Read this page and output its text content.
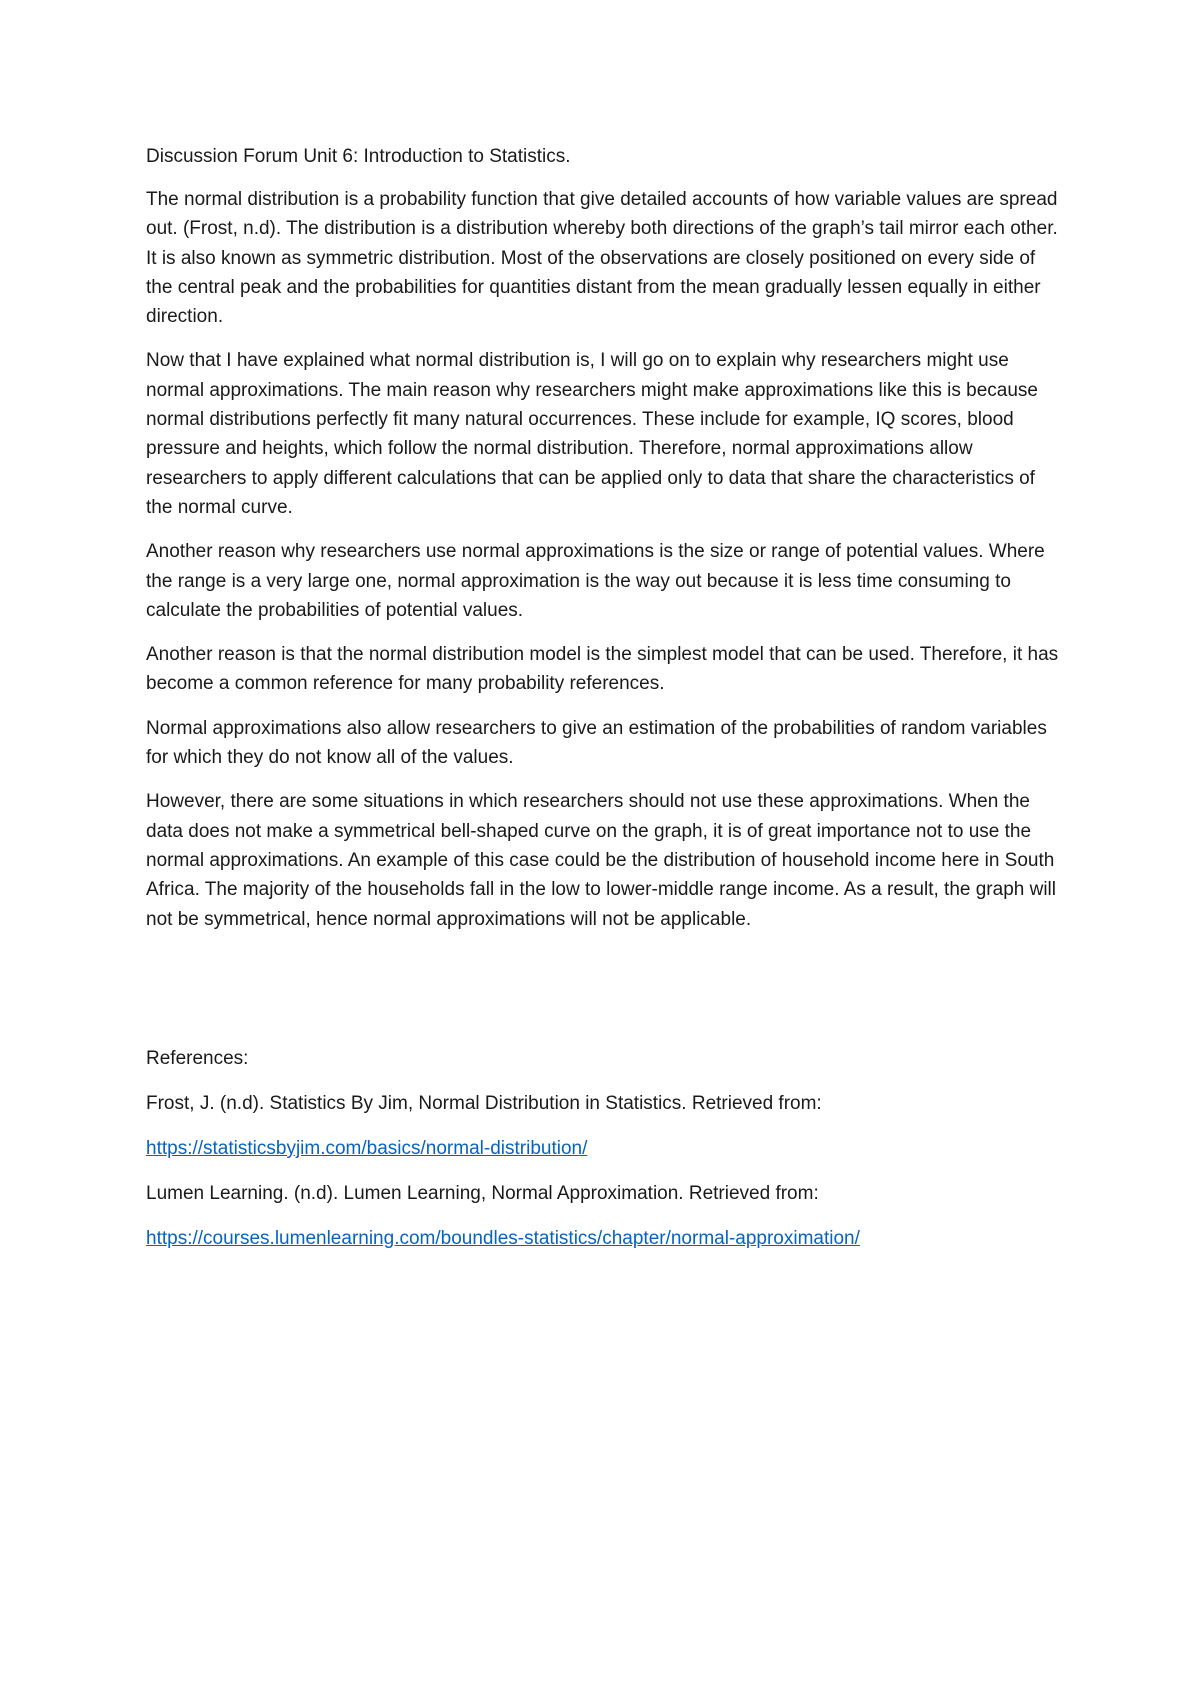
Discussion Forum Unit 6: Introduction to Statistics.

The normal distribution is a probability function that give detailed accounts of how variable values are spread out. (Frost, n.d). The distribution is a distribution whereby both directions of the graph’s tail mirror each other. It is also known as symmetric distribution. Most of the observations are closely positioned on every side of the central peak and the probabilities for quantities distant from the mean gradually lessen equally in either direction.

Now that I have explained what normal distribution is, I will go on to explain why researchers might use normal approximations. The main reason why researchers might make approximations like this is because normal distributions perfectly fit many natural occurrences. These include for example, IQ scores, blood pressure and heights, which follow the normal distribution. Therefore, normal approximations allow researchers to apply different calculations that can be applied only to data that share the characteristics of the normal curve.

Another reason why researchers use normal approximations is the size or range of potential values. Where the range is a very large one, normal approximation is the way out because it is less time consuming to calculate the probabilities of potential values.

Another reason is that the normal distribution model is the simplest model that can be used. Therefore, it has become a common reference for many probability references.

Normal approximations also allow researchers to give an estimation of the probabilities of random variables for which they do not know all of the values.

However, there are some situations in which researchers should not use these approximations. When the data does not make a symmetrical bell-shaped curve on the graph, it is of great importance not to use the normal approximations. An example of this case could be the distribution of household income here in South Africa. The majority of the households fall in the low to lower-middle range income. As a result, the graph will not be symmetrical, hence normal approximations will not be applicable.

References:
Frost, J. (n.d). Statistics By Jim, Normal Distribution in Statistics. Retrieved from:
https://statisticsbyjim.com/basics/normal-distribution/
Lumen Learning. (n.d). Lumen Learning, Normal Approximation. Retrieved from:
https://courses.lumenlearning.com/boundles-statistics/chapter/normal-approximation/
